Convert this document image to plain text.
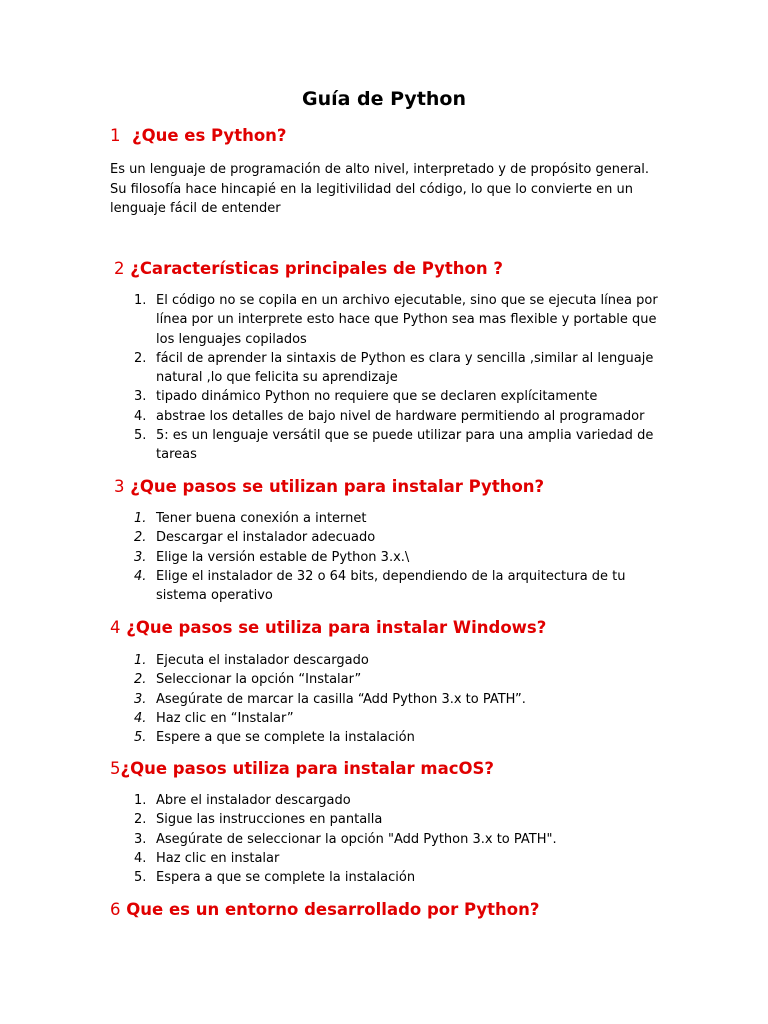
Guía de Python
1 ¿Que es Python?

Es un lenguaje de programación de alto nivel, interpretado y de propósito general. Su filosofía hace hincapié en la legitivilidad del código, lo que lo convierte en un lenguaje fácil de entender

2 ¿Características principales de Python ?
1. El código no se copila en un archivo ejecutable, sino que se ejecuta línea por línea por un interprete esto hace que Python sea mas flexible y portable que los lenguajes copilados
2. fácil de aprender la sintaxis de Python es clara y sencilla ,similar al lenguaje natural ,lo que felicita su aprendizaje
3. tipado dinámico Python no requiere que se declaren explícitamente
4. abstrae los detalles de bajo nivel de hardware permitiendo al programador
5. 5: es un lenguaje versátil que se puede utilizar para una amplia variedad de tareas
3 ¿Que pasos se utilizan para instalar Python?
1. Tener buena conexión a internet
2. Descargar el instalador adecuado
3. Elige la versión estable de Python 3.x.\
4. Elige el instalador de 32 o 64 bits, dependiendo de la arquitectura de tu sistema operativo
4 ¿Que pasos se utiliza para instalar Windows?
1. Ejecuta el instalador descargado
2. Seleccionar la opción “Instalar”
3. Asegúrate de marcar la casilla “Add Python 3.x to PATH”.
4. Haz clic en “Instalar”
5. Espere a que se complete la instalación
5¿Que pasos utiliza para instalar macOS?
1. Abre el instalador descargado
2. Sigue las instrucciones en pantalla
3. Asegúrate de seleccionar la opción "Add Python 3.x to PATH".
4. Haz clic en instalar
5. Espera a que se complete la instalación
6 Que es un entorno desarrollado por Python?
